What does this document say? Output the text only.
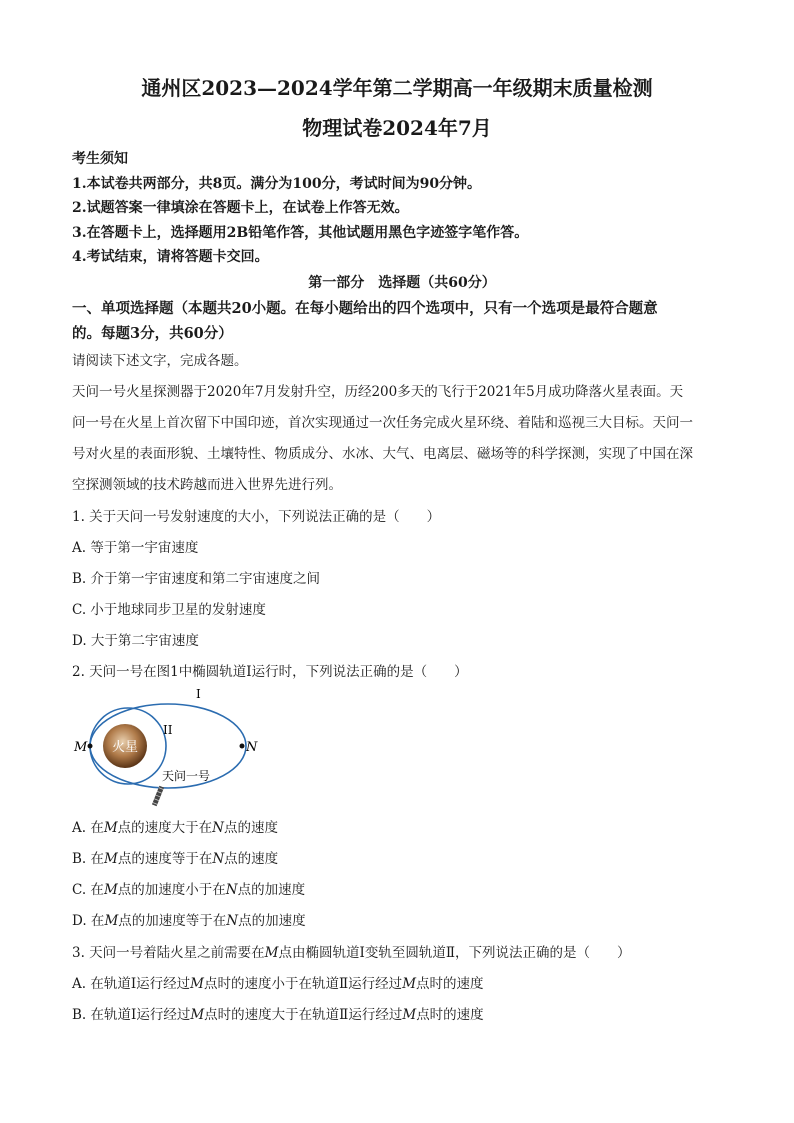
通州区2023—2024学年第二学期高一年级期末质量检测
物理试卷2024年7月
考生须知
1.本试卷共两部分，共8页。满分为100分，考试时间为90分钟。
2.试题答案一律填涂在答题卡上，在试卷上作答无效。
3.在答题卡上，选择题用2B铅笔作答，其他试题用黑色字迹签字笔作答。
4.考试结束，请将答题卡交回。
第一部分　选择题（共60分）
一、单项选择题（本题共20小题。在每小题给出的四个选项中，只有一个选项是最符合题意
的。每题3分，共60分）
请阅读下述文字，完成各题。
天问一号火星探测器于2020年7月发射升空，历经200多天的飞行于2021年5月成功降落火星表面。天
问一号在火星上首次留下中国印迹，首次实现通过一次任务完成火星环绕、着陆和巡视三大目标。天问一
号对火星的表面形貌、土壤特性、物质成分、水冰、大气、电离层、磁场等的科学探测，实现了中国在深
空探测领域的技术跨越而进入世界先进行列。
1. 关于天问一号发射速度的大小，下列说法正确的是（　　）
A. 等于第一宇宙速度
B. 介于第一宇宙速度和第二宇宙速度之间
C. 小于地球同步卫星的发射速度
D. 大于第二宇宙速度
2. 天问一号在图1中椭圆轨道Ⅰ运行时，下列说法正确的是（　　）
火星
M	N
I
II
天问一号
A. 在M点的速度大于在N点的速度
B. 在M点的速度等于在N点的速度
C. 在M点的加速度小于在N点的加速度
D. 在M点的加速度等于在N点的加速度
3. 天问一号着陆火星之前需要在M点由椭圆轨道Ⅰ变轨至圆轨道Ⅱ，下列说法正确的是（　　）
A. 在轨道Ⅰ运行经过M点时的速度小于在轨道Ⅱ运行经过M点时的速度
B. 在轨道Ⅰ运行经过M点时的速度大于在轨道Ⅱ运行经过M点时的速度
